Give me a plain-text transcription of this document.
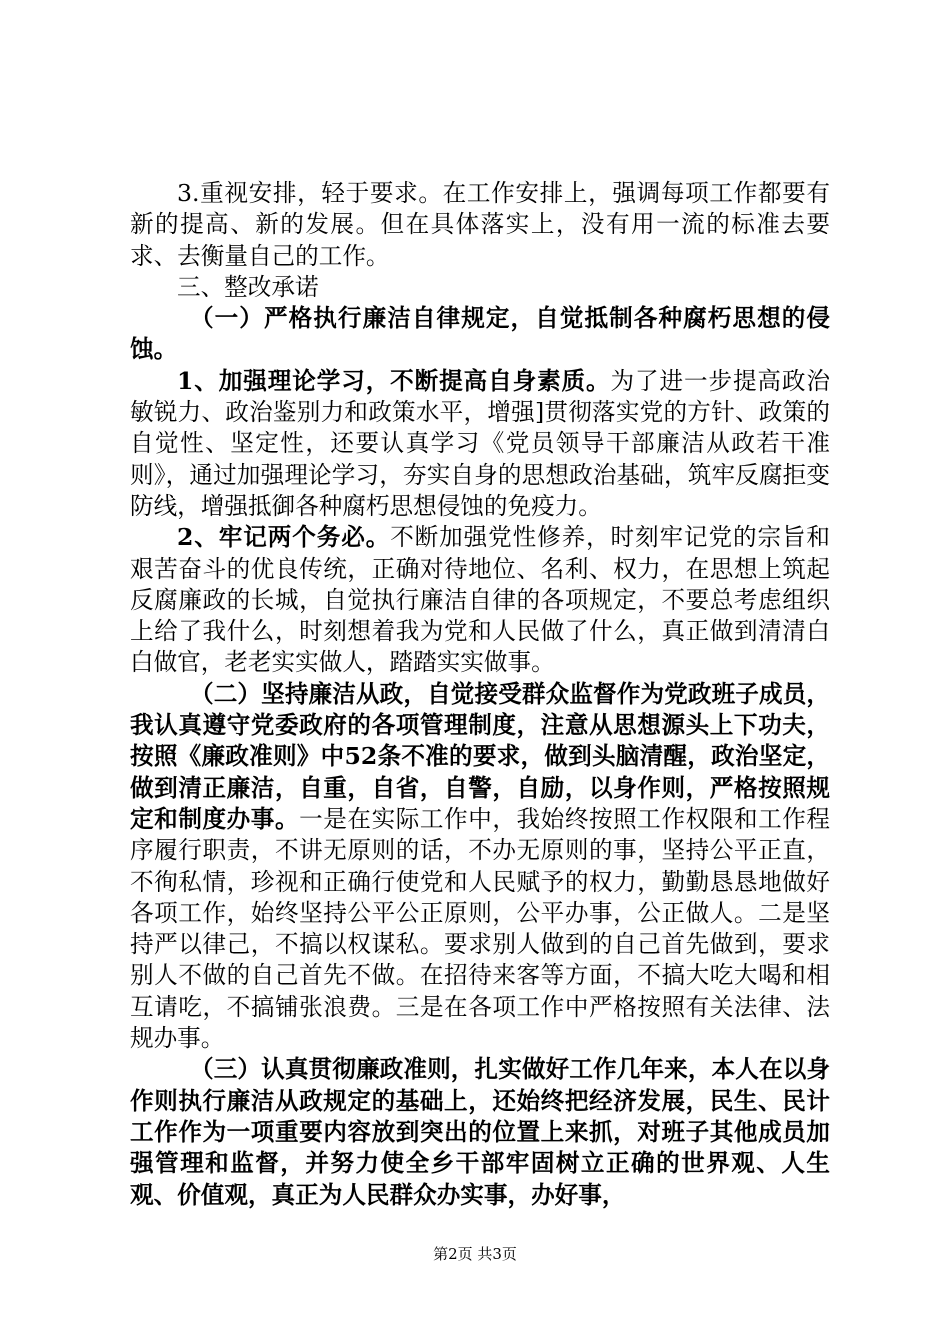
3.重视安排，轻于要求。在工作安排上，强调每项工作都要有新的提高、新的发展。但在具体落实上，没有用一流的标准去要求、去衡量自己的工作。

三、整改承诺

（一）严格执行廉洁自律规定，自觉抵制各种腐朽思想的侵蚀。

1、加强理论学习，不断提高自身素质。为了进一步提高政治敏锐力、政治鉴别力和政策水平，增强]贯彻落实党的方针、政策的自觉性、坚定性，还要认真学习《党员领导干部廉洁从政若干准则》，通过加强理论学习，夯实自身的思想政治基础，筑牢反腐拒变防线，增强抵御各种腐朽思想侵蚀的免疫力。

2、牢记两个务必。不断加强党性修养，时刻牢记党的宗旨和艰苦奋斗的优良传统，正确对待地位、名利、权力，在思想上筑起反腐廉政的长城，自觉执行廉洁自律的各项规定，不要总考虑组织上给了我什么，时刻想着我为党和人民做了什么，真正做到清清白白做官，老老实实做人，踏踏实实做事。

（二）坚持廉洁从政，自觉接受群众监督作为党政班子成员，我认真遵守党委政府的各项管理制度，注意从思想源头上下功夫，按照《廉政准则》中52条不准的要求，做到头脑清醒，政治坚定，做到清正廉洁，自重，自省，自警，自励，以身作则，严格按照规定和制度办事。一是在实际工作中，我始终按照工作权限和工作程序履行职责，不讲无原则的话，不办无原则的事，坚持公平正直，不徇私情，珍视和正确行使党和人民赋予的权力，勤勤恳恳地做好各项工作，始终坚持公平公正原则，公平办事，公正做人。二是坚持严以律己，不搞以权谋私。要求别人做到的自己首先做到，要求别人不做的自己首先不做。在招待来客等方面，不搞大吃大喝和相互请吃，不搞铺张浪费。三是在各项工作中严格按照有关法律、法规办事。

（三）认真贯彻廉政准则，扎实做好工作几年来，本人在以身作则执行廉洁从政规定的基础上，还始终把经济发展，民生、民计工作作为一项重要内容放到突出的位置上来抓，对班子其他成员加强管理和监督，并努力使全乡干部牢固树立正确的世界观、人生观、价值观，真正为人民群众办实事，办好事，

第2页 共3页
